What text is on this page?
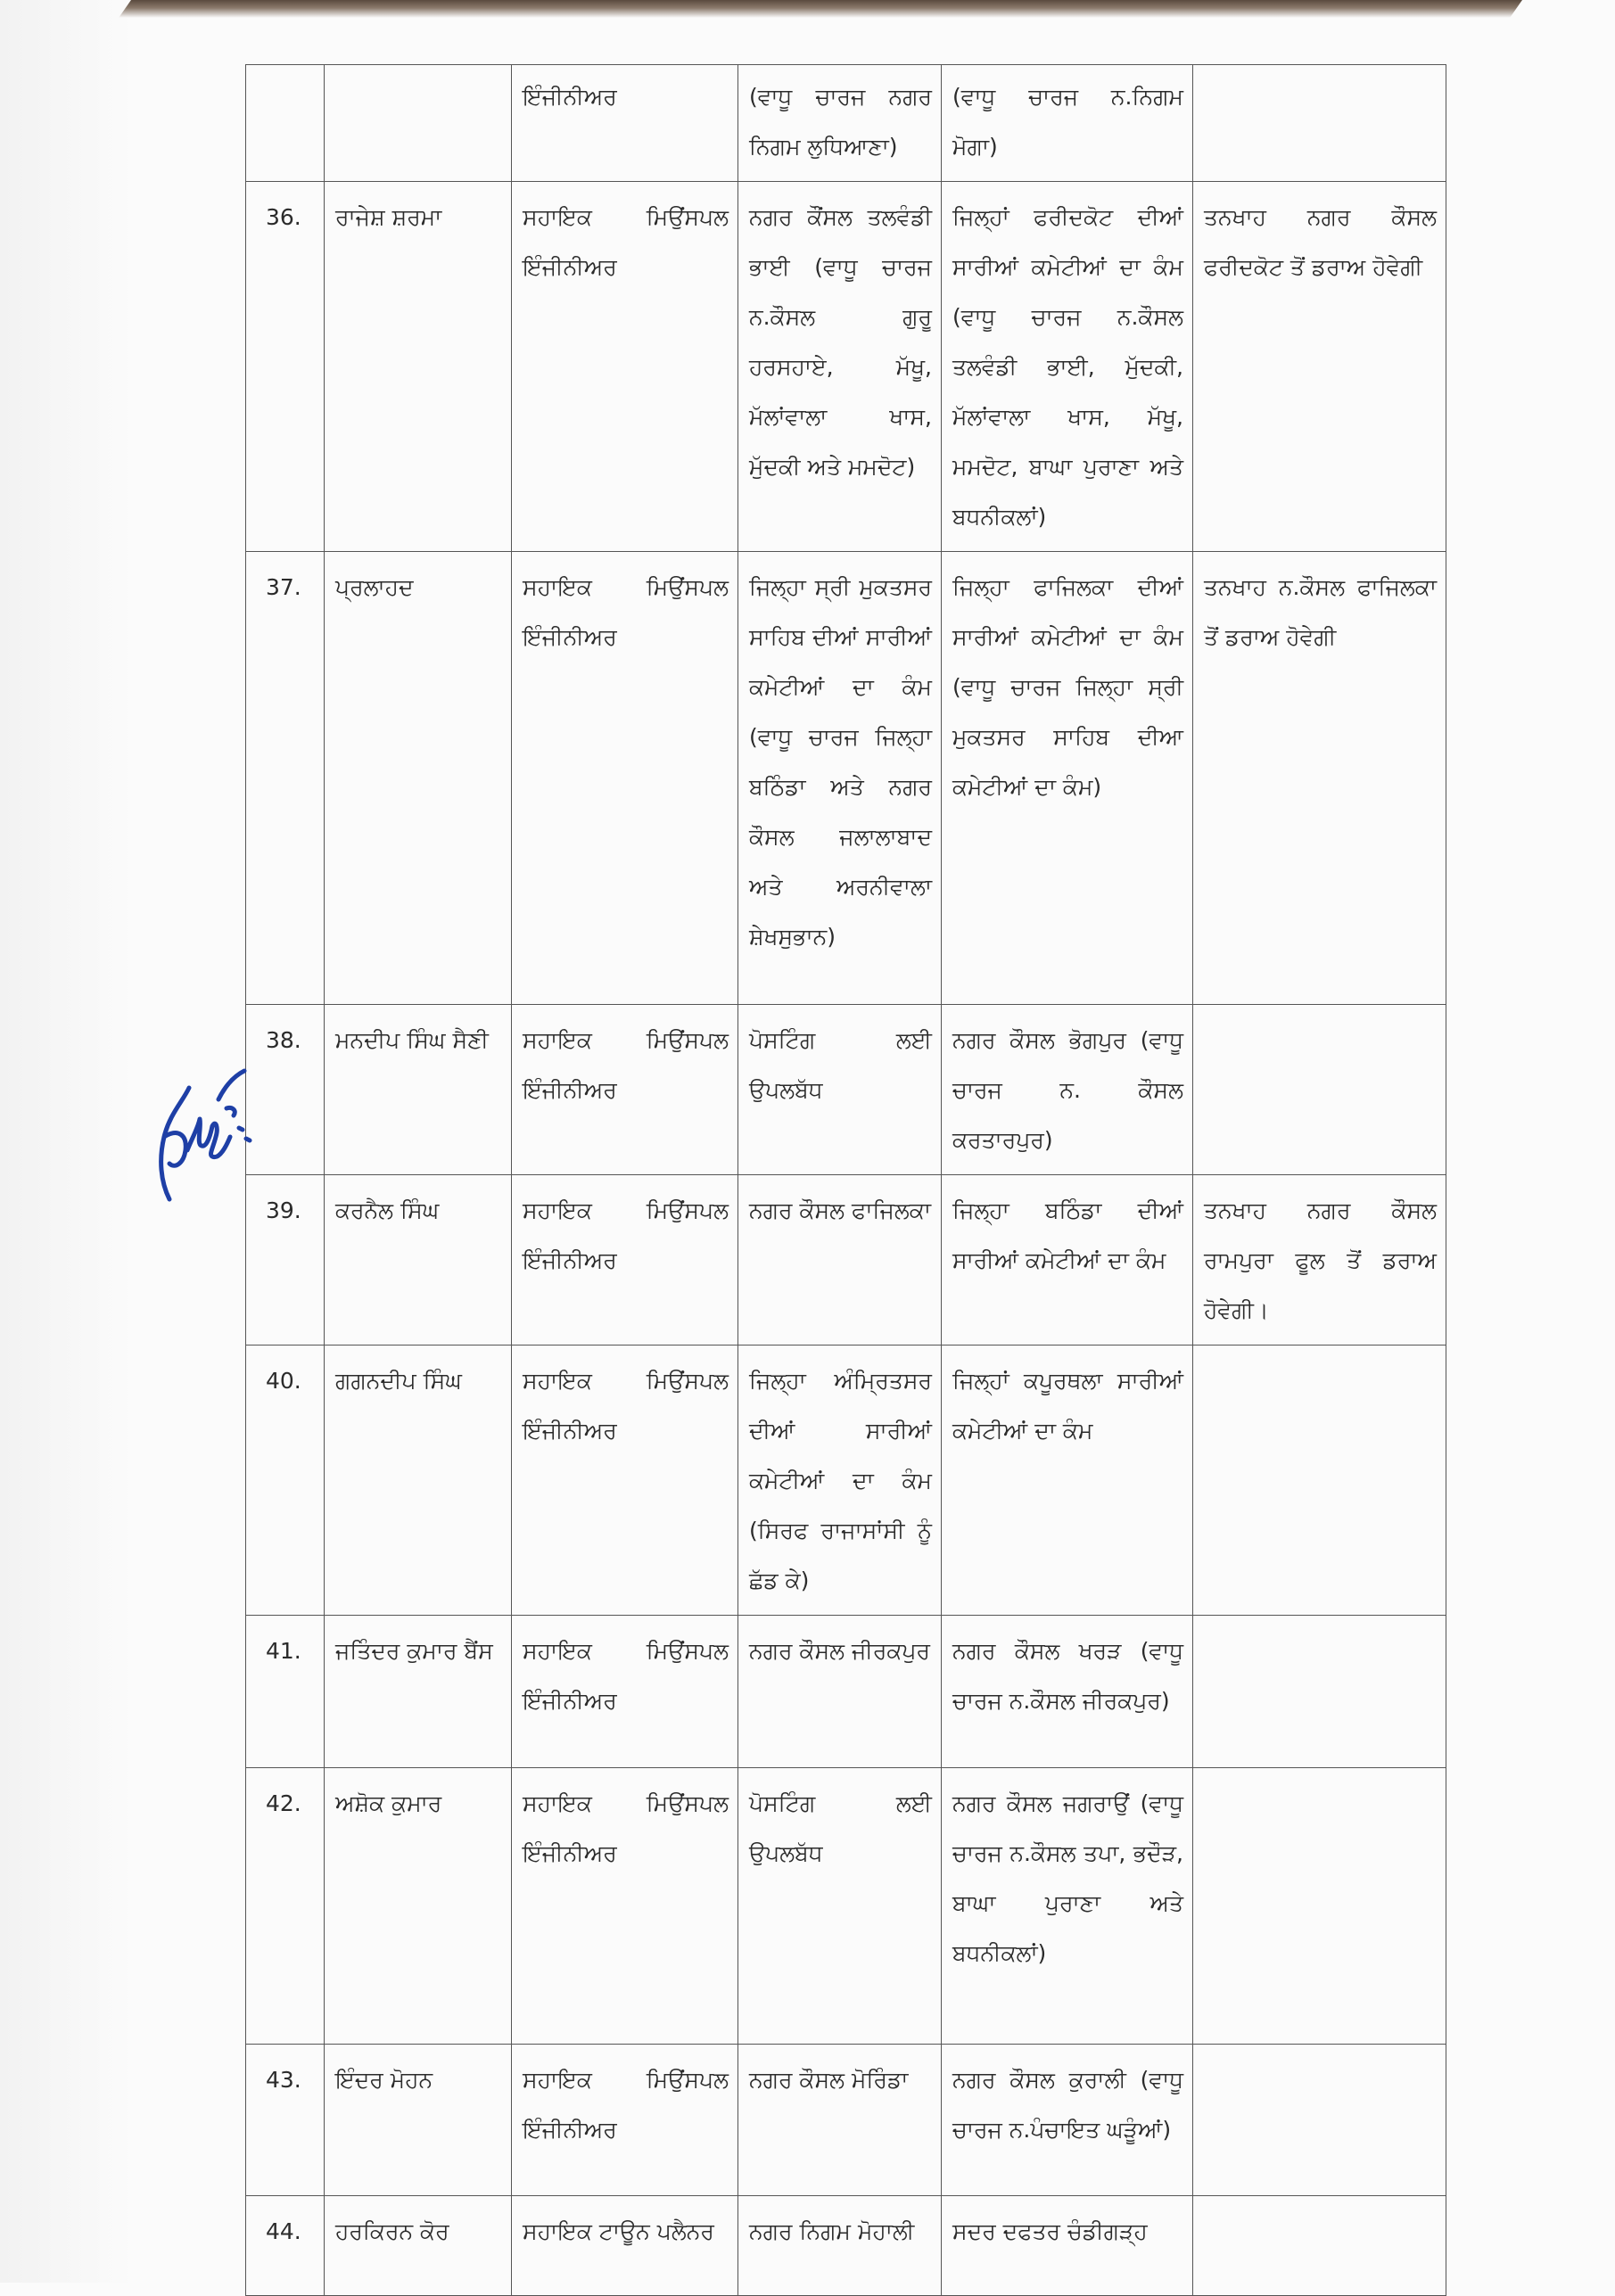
		ਇੰਜੀਨੀਅਰ	(ਵਾਧੂ ਚਾਰਜ ਨਗਰ ਨਿਗਮ ਲੁਧਿਆਣਾ)	(ਵਾਧੂ ਚਾਰਜ ਨ.ਨਿਗਮ ਮੋਗਾ)	
36.	ਰਾਜੇਸ਼ ਸ਼ਰਮਾ	ਸਹਾਇਕ ਮਿਉਂਸਪਲ ਇੰਜੀਨੀਅਰ	ਨਗਰ ਕੌਂਸਲ ਤਲਵੰਡੀ ਭਾਈ (ਵਾਧੂ ਚਾਰਜ ਨ.ਕੌਸਲ ਗੁਰੂ ਹਰਸਹਾਏ, ਮੱਖੂ, ਮੱਲਾਂਵਾਲਾ ਖਾਸ, ਮੁੱਦਕੀ ਅਤੇ ਮਮਦੋਟ)	ਜਿਲ੍ਹਾਂ ਫਰੀਦਕੋਟ ਦੀਆਂ ਸਾਰੀਆਂ ਕਮੇਟੀਆਂ ਦਾ ਕੰਮ (ਵਾਧੂ ਚਾਰਜ ਨ.ਕੌਸਲ ਤਲਵੰਡੀ ਭਾਈ, ਮੁੱਦਕੀ, ਮੱਲਾਂਵਾਲਾ ਖਾਸ, ਮੱਖੂ, ਮਮਦੋਟ, ਬਾਘਾ ਪੁਰਾਣਾ ਅਤੇ ਬਧਨੀਕਲਾਂ)	ਤਨਖਾਹ ਨਗਰ ਕੌਸਲ ਫਰੀਦਕੋਟ ਤੋਂ ਡਰਾਅ ਹੋਵੇਗੀ
37.	ਪ੍ਰਲਾਹਦ	ਸਹਾਇਕ ਮਿਉਂਸਪਲ ਇੰਜੀਨੀਅਰ	ਜਿਲ੍ਹਾ ਸ੍ਰੀ ਮੁਕਤਸਰ ਸਾਹਿਬ ਦੀਆਂ ਸਾਰੀਆਂ ਕਮੇਟੀਆਂ ਦਾ ਕੰਮ (ਵਾਧੂ ਚਾਰਜ ਜਿਲ੍ਹਾ ਬਠਿੰਡਾ ਅਤੇ ਨਗਰ ਕੌਸਲ ਜਲਾਲਾਬਾਦ ਅਤੇ ਅਰਨੀਵਾਲਾ ਸ਼ੇਖਸੁਭਾਨ)	ਜਿਲ੍ਹਾ ਫਾਜਿਲਕਾ ਦੀਆਂ ਸਾਰੀਆਂ ਕਮੇਟੀਆਂ ਦਾ ਕੰਮ (ਵਾਧੂ ਚਾਰਜ ਜਿਲ੍ਹਾ ਸ੍ਰੀ ਮੁਕਤਸਰ ਸਾਹਿਬ ਦੀਆ ਕਮੇਟੀਆਂ ਦਾ ਕੰਮ)	ਤਨਖਾਹ ਨ.ਕੌਸਲ ਫਾਜਿਲਕਾ ਤੋਂ ਡਰਾਅ ਹੋਵੇਗੀ
38.	ਮਨਦੀਪ ਸਿੰਘ ਸੈਣੀ	ਸਹਾਇਕ ਮਿਉਂਸਪਲ ਇੰਜੀਨੀਅਰ	ਪੋਸਟਿੰਗ ਲਈ ਉਪਲਬੱਧ	ਨਗਰ ਕੌਸਲ ਭੋਗਪੁਰ (ਵਾਧੂ ਚਾਰਜ ਨ. ਕੌਸਲ ਕਰਤਾਰਪੁਰ)	
39.	ਕਰਨੈਲ ਸਿੰਘ	ਸਹਾਇਕ ਮਿਉਂਸਪਲ ਇੰਜੀਨੀਅਰ	ਨਗਰ ਕੌਸਲ ਫਾਜਿਲਕਾ	ਜਿਲ੍ਹਾ ਬਠਿੰਡਾ ਦੀਆਂ ਸਾਰੀਆਂ ਕਮੇਟੀਆਂ ਦਾ ਕੰਮ	ਤਨਖਾਹ ਨਗਰ ਕੌਸਲ ਰਾਮਪੁਰਾ ਫੂਲ ਤੋਂ ਡਰਾਅ ਹੋਵੇਗੀ।
40.	ਗਗਨਦੀਪ ਸਿੰਘ	ਸਹਾਇਕ ਮਿਉਂਸਪਲ ਇੰਜੀਨੀਅਰ	ਜਿਲ੍ਹਾ ਅੰਮ੍ਰਿਤਸਰ ਦੀਆਂ ਸਾਰੀਆਂ ਕਮੇਟੀਆਂ ਦਾ ਕੰਮ (ਸਿਰਫ ਰਾਜਾਸਾਂਸੀ ਨੂੰ ਛੱਡ ਕੇ)	ਜਿਲ੍ਹਾਂ ਕਪੂਰਥਲਾ ਸਾਰੀਆਂ ਕਮੇਟੀਆਂ ਦਾ ਕੰਮ	
41.	ਜਤਿੰਦਰ ਕੁਮਾਰ ਬੈਂਸ	ਸਹਾਇਕ ਮਿਉਂਸਪਲ ਇੰਜੀਨੀਅਰ	ਨਗਰ ਕੌਸਲ ਜੀਰਕਪੁਰ	ਨਗਰ ਕੌਸਲ ਖਰੜ (ਵਾਧੂ ਚਾਰਜ ਨ.ਕੌਸਲ ਜੀਰਕਪੁਰ)	
42.	ਅਸ਼ੋਕ ਕੁਮਾਰ	ਸਹਾਇਕ ਮਿਉਂਸਪਲ ਇੰਜੀਨੀਅਰ	ਪੋਸਟਿੰਗ ਲਈ ਉਪਲਬੱਧ	ਨਗਰ ਕੌਸਲ ਜਗਰਾਉਂ (ਵਾਧੂ ਚਾਰਜ ਨ.ਕੌਸਲ ਤਪਾ, ਭਦੌੜ, ਬਾਘਾ ਪੁਰਾਣਾ ਅਤੇ ਬਧਨੀਕਲਾਂ)	
43.	ਇੰਦਰ ਮੋਹਨ	ਸਹਾਇਕ ਮਿਉਂਸਪਲ ਇੰਜੀਨੀਅਰ	ਨਗਰ ਕੌਸਲ ਮੋਰਿੰਡਾ	ਨਗਰ ਕੌਸਲ ਕੁਰਾਲੀ (ਵਾਧੂ ਚਾਰਜ ਨ.ਪੰਚਾਇਤ ਘੜੂੰਆਂ)	
44.	ਹਰਕਿਰਨ ਕੋਰ	ਸਹਾਇਕ ਟਾਊਨ ਪਲੈਨਰ	ਨਗਰ ਨਿਗਮ ਮੋਹਾਲੀ	ਸਦਰ ਦਫਤਰ ਚੰਡੀਗੜ੍ਹ	
